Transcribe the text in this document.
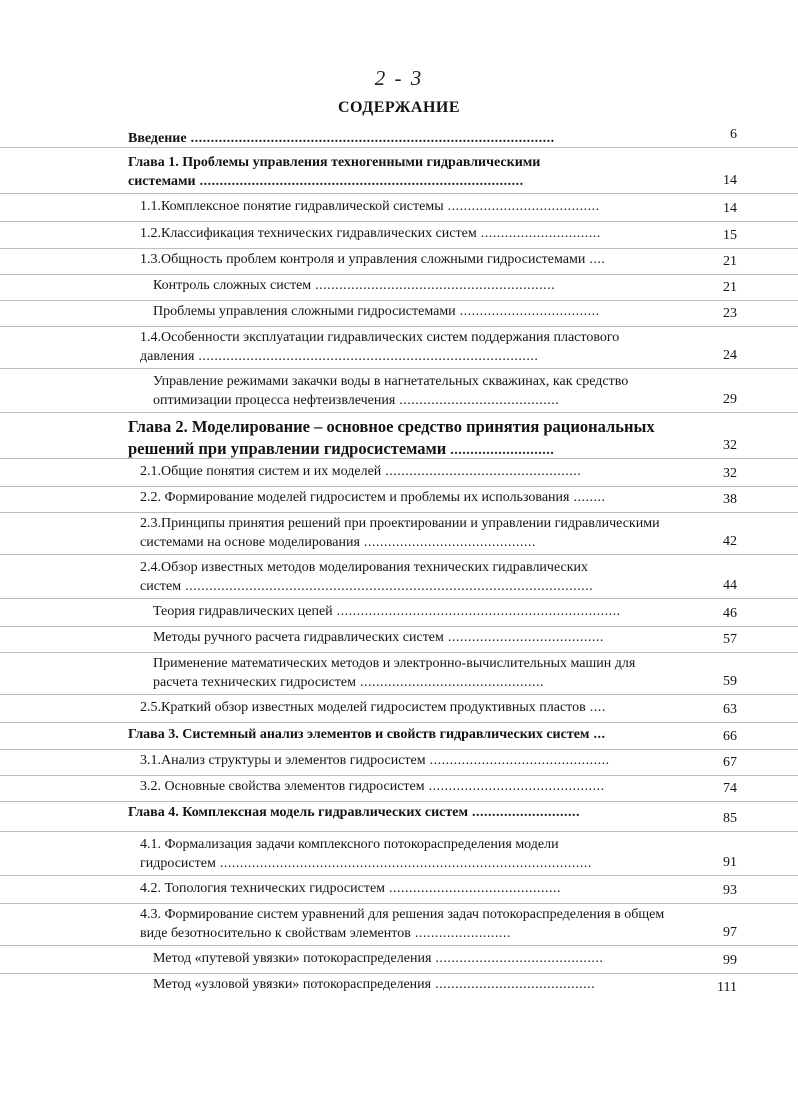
2 - 3
СОДЕРЖАНИЕ
Введение ...........................................................................................	6
Глава 1. Проблемы управления техногенными гидравлическими системами .................................................................................	14
1.1.Комплексное понятие гидравлической системы ......................................	14
1.2.Классификация технических гидравлических систем ..............................	15
1.3.Общность проблем контроля и управления сложными гидросистемами ....	21
Контроль сложных систем ............................................................	21
Проблемы управления сложными гидросистемами ...................................	23
1.4.Особенности эксплуатации гидравлических систем поддержания пластового давления .....................................................................................	24
Управление режимами закачки воды в нагнетательных скважинах, как средство оптимизации процесса нефтеизвлечения ........................................	29
Глава 2. Моделирование – основное средство принятия рациональных решений при управлении гидросистемами ..........................	32
2.1.Общие понятия систем и их моделей .................................................	32
2.2. Формирование моделей гидросистем и проблемы их использования ........	38
2.3.Принципы принятия решений при проектировании и управлении гидравлическими системами на основе моделирования ...........................................	42
2.4.Обзор известных методов моделирования технических гидравлических систем ......................................................................................................	44
Теория гидравлических цепей .......................................................................	46
Методы ручного расчета гидравлических систем .......................................	57
Применение математических методов и электронно-вычислительных машин для расчета технических гидросистем ..............................................	59
2.5.Краткий обзор известных моделей гидросистем продуктивных пластов ....	63
Глава 3. Системный анализ элементов и свойств гидравлических систем ...	66
3.1.Анализ структуры и элементов гидросистем .............................................	67
3.2. Основные свойства элементов гидросистем ............................................	74
Глава 4. Комплексная модель гидравлических систем ...........................	85
4.1. Формализация задачи комплексного потокораспределения модели гидросистем .............................................................................................	91
4.2. Топология технических гидросистем ...........................................	93
4.3. Формирование систем уравнений для решения задач потокораспределения в общем виде безотносительно к свойствам элементов ........................	97
Метод «путевой увязки» потокораспределения ..........................................	99
Метод «узловой увязки» потокораспределения ........................................	111
